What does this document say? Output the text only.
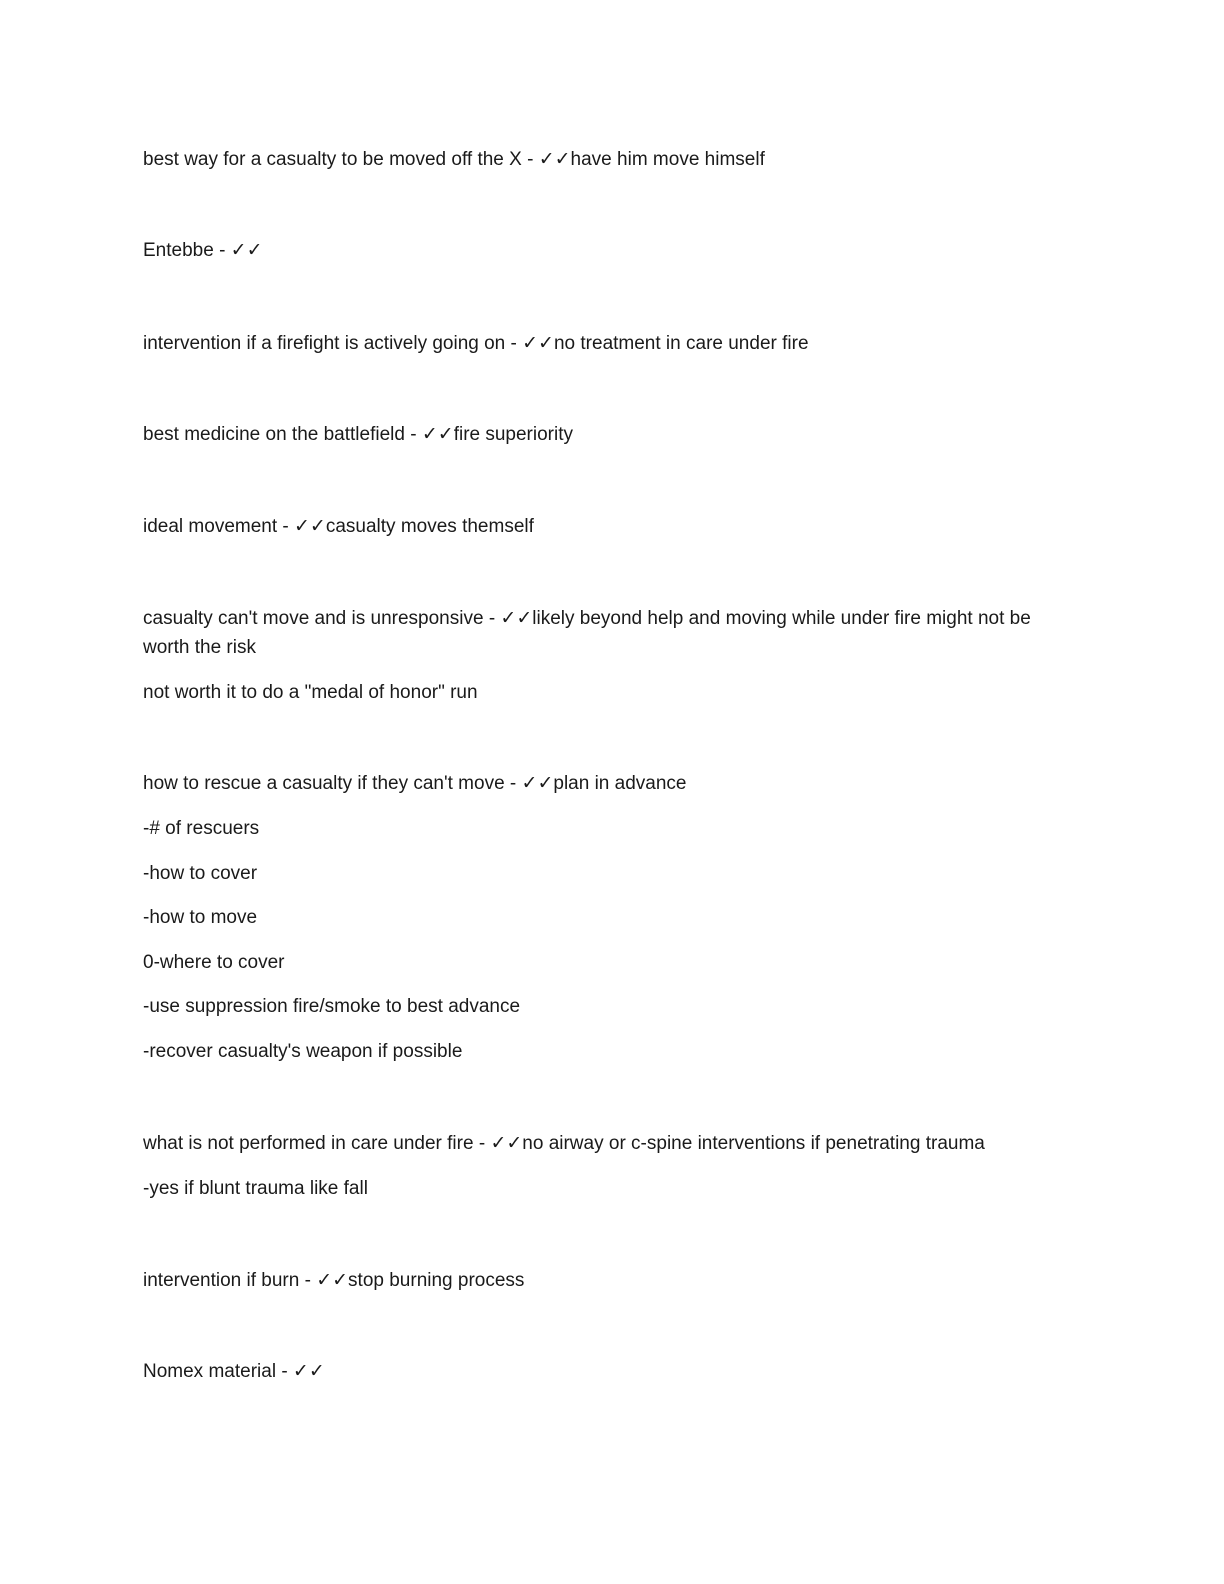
best way for a casualty to be moved off the X - ✓✓have him move himself
Entebbe - ✓✓
intervention if a firefight is actively going on - ✓✓no treatment in care under fire
best medicine on the battlefield - ✓✓fire superiority
ideal movement - ✓✓casualty moves themself
casualty can't move and is unresponsive - ✓✓likely beyond help and moving while under fire might not be worth the risk
not worth it to do a "medal of honor" run
how to rescue a casualty if they can't move - ✓✓plan in advance
-# of rescuers
-how to cover
-how to move
0-where to cover
-use suppression fire/smoke to best advance
-recover casualty's weapon if possible
what is not performed in care under fire - ✓✓no airway or c-spine interventions if penetrating trauma
-yes if blunt trauma like fall
intervention if burn - ✓✓stop burning process
Nomex material - ✓✓
